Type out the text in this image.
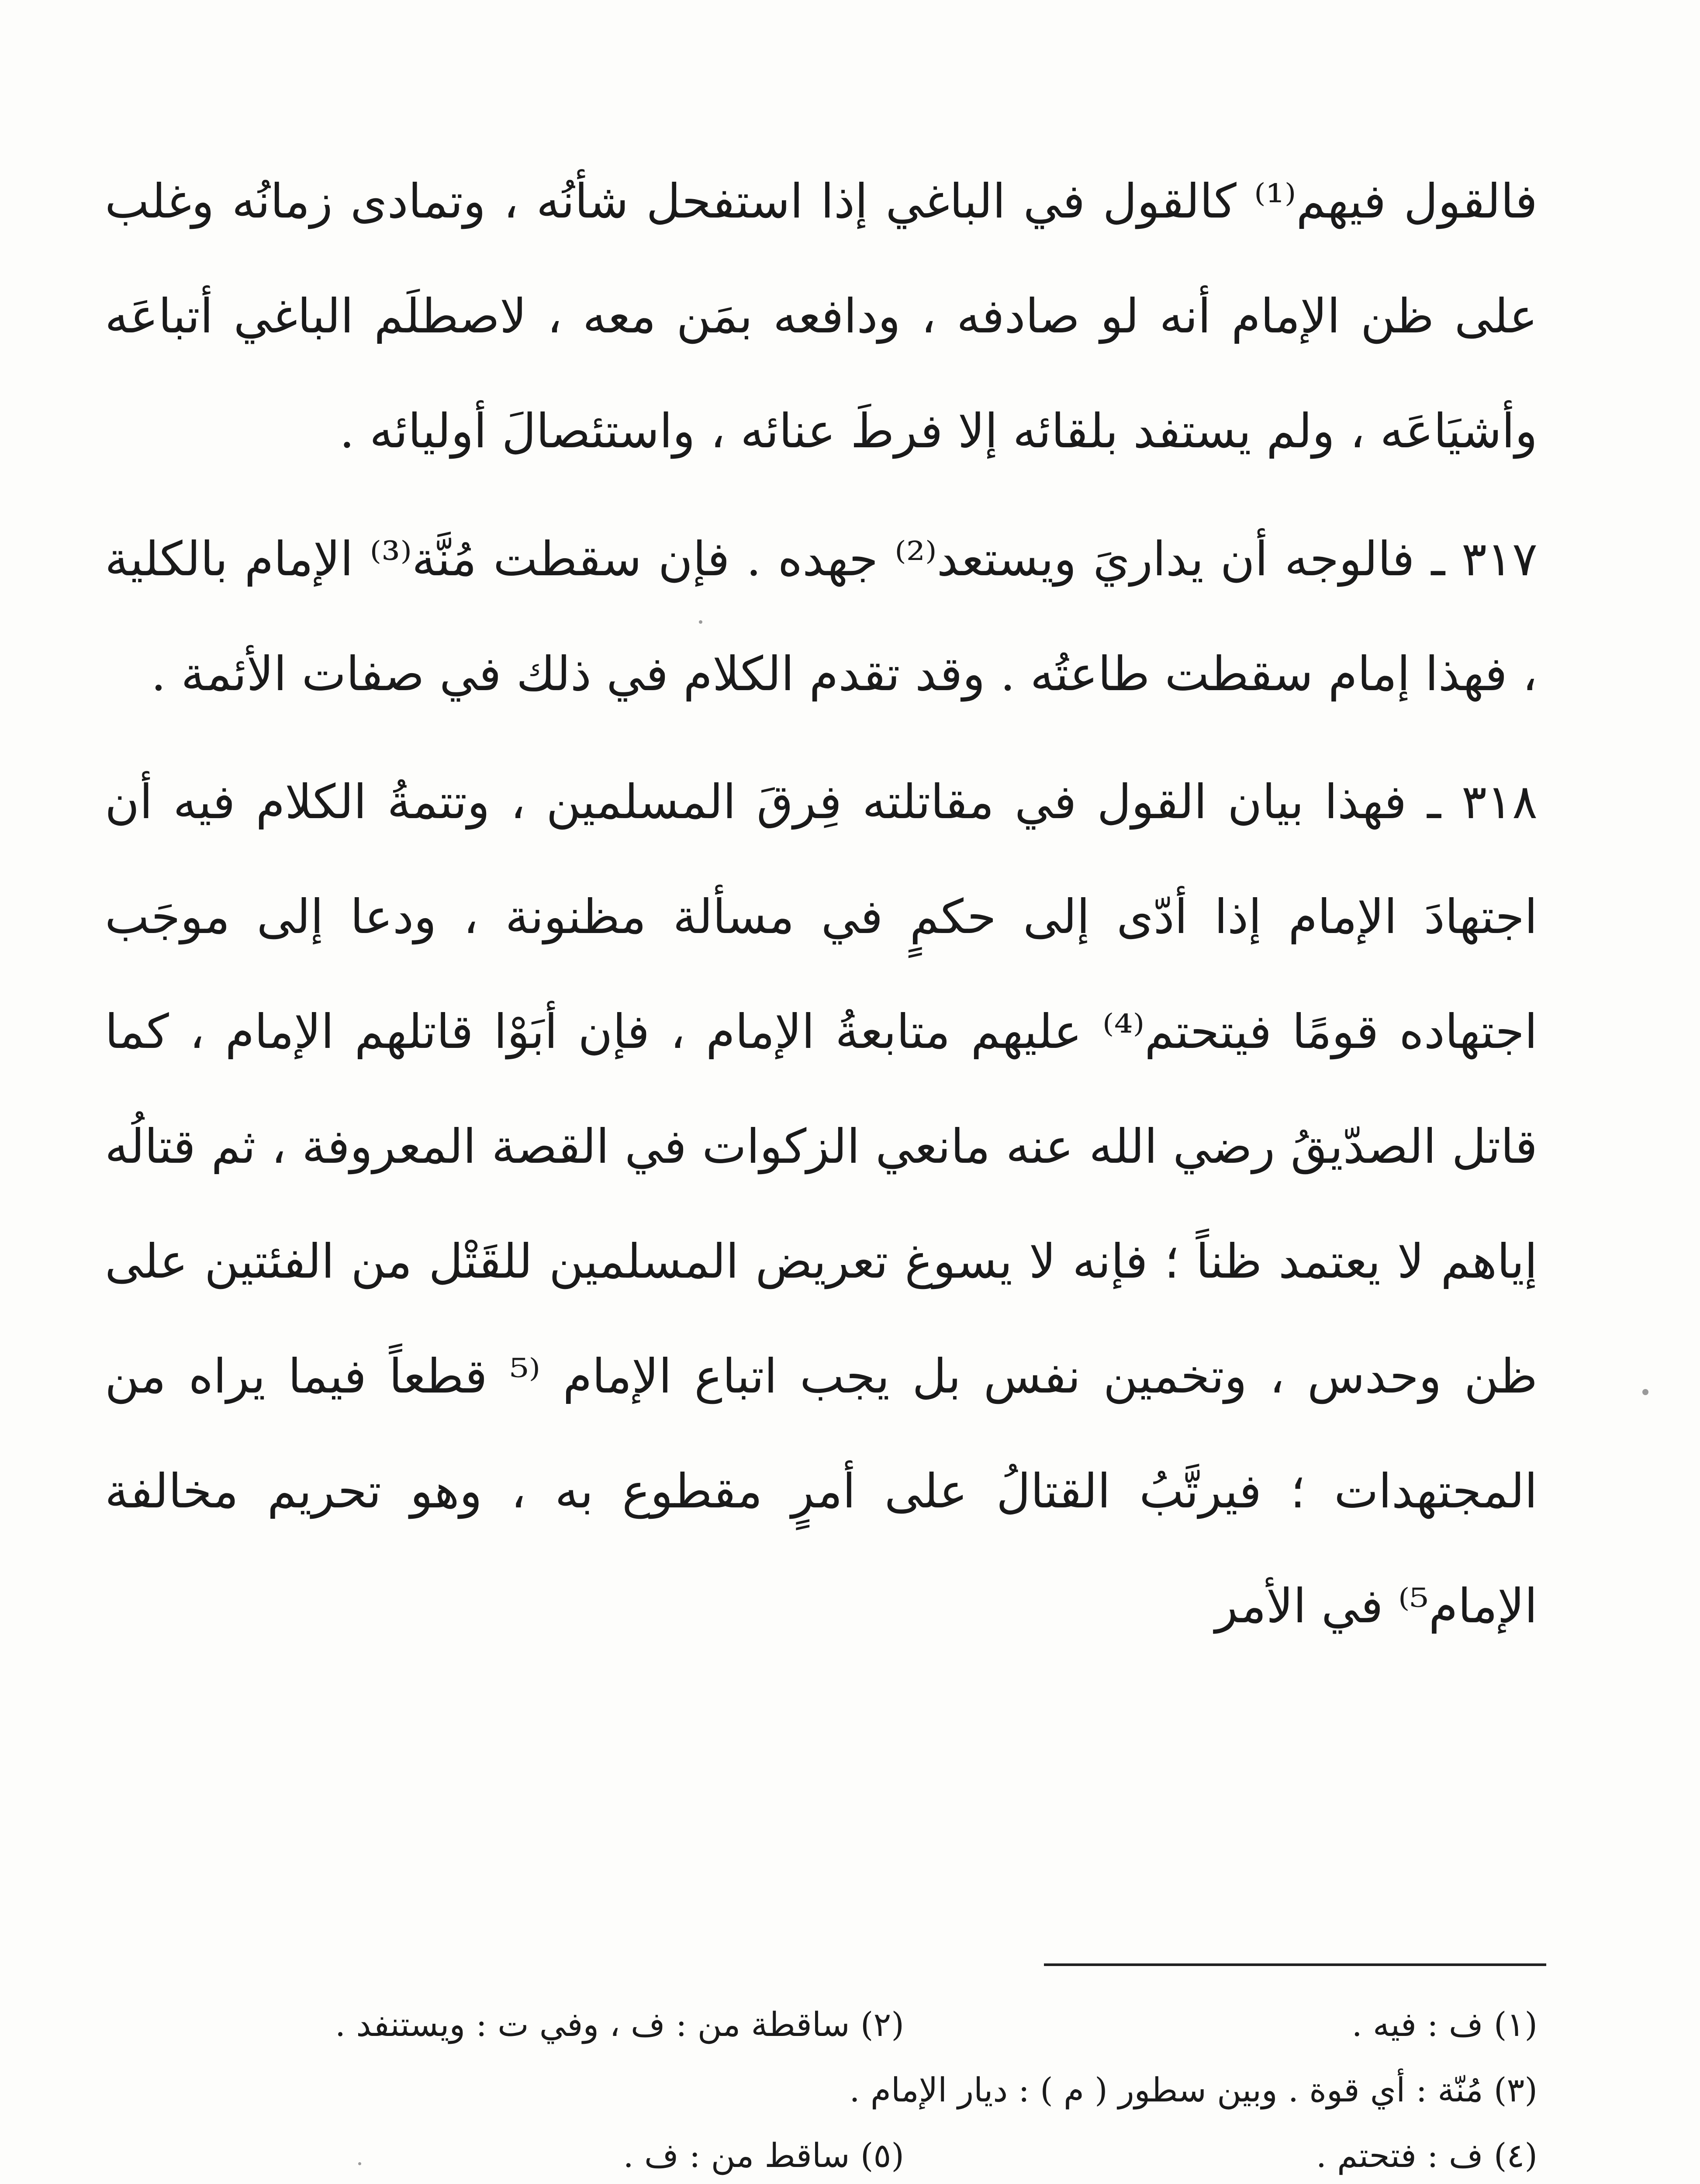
فالقول فيهم⁽¹⁾ كالقول في الباغي إذا استفحل شأنُه ، وتمادى زمانُه وغلب على ظن الإمام أنه لو صادفه ، ودافعه بمَن معه ، لاصطلَم الباغي أتباعَه وأشيَاعَه ، ولم يستفد بلقائه إلا فرطَ عنائه ، واستئصالَ أوليائه .

٣١٧ ـ فالوجه أن يداريَ ويستعد⁽²⁾ جهده . فإن سقطت مُنَّة⁽³⁾ الإمام بالكلية ، فهذا إمام سقطت طاعتُه . وقد تقدم الكلام في ذلك في صفات الأئمة .

٣١٨ ـ فهذا بيان القول في مقاتلته فِرقَ المسلمين ، وتتمةُ الكلام فيه أن اجتهادَ الإمام إذا أدّى إلى حكمٍ في مسألة مظنونة ، ودعا إلى موجَب اجتهاده قومًا فيتحتم⁽⁴⁾ عليهم متابعةُ الإمام ، فإن أبَوْا قاتلهم الإمام ، كما قاتل الصدّيقُ رضي الله عنه مانعي الزكوات في القصة المعروفة ، ثم قتالُه إياهم لا يعتمد ظناً ؛ فإنه لا يسوغ تعريض المسلمين للقَتْل من الفئتين على ظن وحدس ، وتخمين نفس بل يجب اتباع الإمام ⁽⁵ قطعاً فيما يراه من المجتهدات ؛ فيرتَّبُ القتالُ على أمرٍ مقطوع به ، وهو تحريم مخالفة الإمام⁵⁾ في الأمر

(١) ف : فيه .
(٢) ساقطة من : ف ، وفي ت : ويستنفد .
(٣) مُنّة : أي قوة . وبين سطور ( م ) : ديار الإمام .
(٤) ف : فتحتم .
(٥) ساقط من : ف .
